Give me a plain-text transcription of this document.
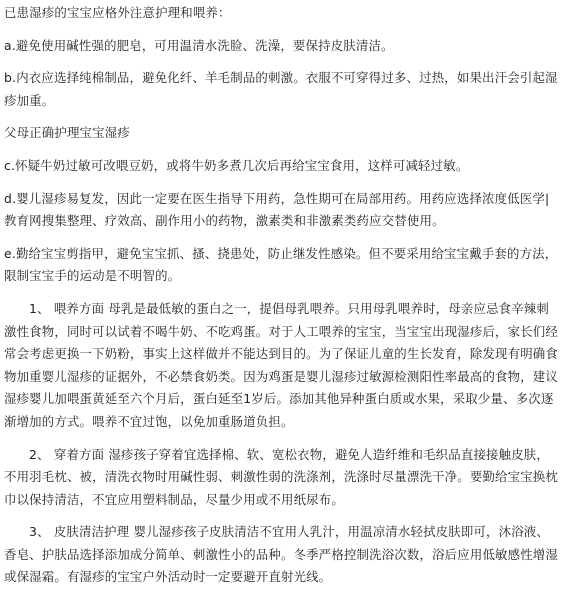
已患湿疹的宝宝应格外注意护理和喂养：

a.避免使用碱性强的肥皂，可用温清水洗脸、洗澡，要保持皮肤清洁。

b.内衣应选择纯棉制品，避免化纤、羊毛制品的刺激。衣服不可穿得过多、过热，如果出汗会引起湿疹加重。

父母正确护理宝宝湿疹

c.怀疑牛奶过敏可改喂豆奶，或将牛奶多煮几次后再给宝宝食用，这样可减轻过敏。

d.婴儿湿疹易复发，因此一定要在医生指导下用药，急性期可在局部用药。用药应选择浓度低医学|教育网搜集整理、疗效高、副作用小的药物，激素类和非激素类药应交替使用。

e.勤给宝宝剪指甲，避免宝宝抓、搔、挠患处，防止继发性感染。但不要采用给宝宝戴手套的方法，限制宝宝手的运动是不明智的。

1、 喂养方面 母乳是最低敏的蛋白之一，提倡母乳喂养。只用母乳喂养时，母亲应忌食辛辣刺激性食物，同时可以试着不喝牛奶、不吃鸡蛋。对于人工喂养的宝宝，当宝宝出现湿疹后，家长们经常会考虑更换一下奶粉，事实上这样做并不能达到目的。为了保证儿童的生长发育，除发现有明确食物加重婴儿湿疹的证据外，不必禁食奶类。因为鸡蛋是婴儿湿疹过敏源检测阳性率最高的食物，建议湿疹婴儿加喂蛋黄延至六个月后，蛋白延至1岁后。添加其他异种蛋白质或水果，采取少量、多次逐渐增加的方式。喂养不宜过饱，以免加重肠道负担。

2、 穿着方面 湿疹孩子穿着宜选择棉、软、宽松衣物，避免人造纤维和毛织品直接接触皮肤，不用羽毛枕、被，清洗衣物时用碱性弱、刺激性弱的洗涤剂，洗涤时尽量漂洗干净。要勤给宝宝换枕巾以保持清洁，不宜应用塑料制品，尽量少用或不用纸尿布。

3、 皮肤清洁护理 婴儿湿疹孩子皮肤清洁不宜用人乳汁，用温凉清水轻拭皮肤即可，沐浴液、香皂、护肤品选择添加成分简单、刺激性小的品种。冬季严格控制洗浴次数，浴后应用低敏感性增湿或保湿霜。有湿疹的宝宝户外活动时一定要避开直射光线。
